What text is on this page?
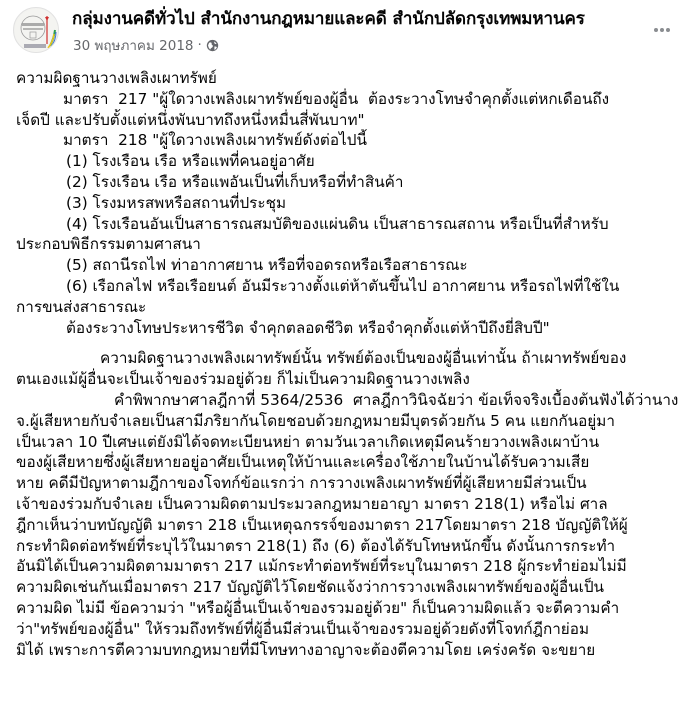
กลุ่มงานคดีทั่วไป สำนักงานกฎหมายและคดี สำนักปลัดกรุงเทพมหานคร
30 พฤษภาคม 2018 ·

ความผิดฐานวางเพลิงเผาทรัพย์

มาตรา  217 "ผู้ใดวางเพลิงเผาทรัพย์ของผู้อื่น  ต้องระวางโทษจำคุกตั้งแต่หกเดือนถึง

เจ็ดปี และปรับตั้งแต่หนึ่งพันบาทถึงหนึ่งหมื่นสี่พันบาท"

มาตรา  218 "ผู้ใดวางเพลิงเผาทรัพย์ดังต่อไปนี้

(1) โรงเรือน เรือ หรือแพที่คนอยู่อาศัย

(2) โรงเรือน เรือ หรือแพอันเป็นที่เก็บหรือที่ทำสินค้า

(3) โรงมหรสพหรือสถานที่ประชุม

(4) โรงเรือนอันเป็นสาธารณสมบัติของแผ่นดิน เป็นสาธารณสถาน หรือเป็นที่สำหรับ

ประกอบพิธีกรรมตามศาสนา

(5) สถานีรถไฟ ท่าอากาศยาน หรือที่จอดรถหรือเรือสาธารณะ

(6) เรือกลไฟ หรือเรือยนต์ อันมีระวางตั้งแต่ห้าตันขึ้นไป อากาศยาน หรือรถไฟที่ใช้ใน

การขนส่งสาธารณะ

ต้องระวางโทษประหารชีวิต จำคุกตลอดชีวิต หรือจำคุกตั้งแต่ห้าปีถึงยี่สิบปี"

ความผิดฐานวางเพลิงเผาทรัพย์นั้น ทรัพย์ต้องเป็นของผู้อื่นเท่านั้น ถ้าเผาทรัพย์ของ

ตนเองแม้ผู้อื่นจะเป็นเจ้าของร่วมอยู่ด้วย ก็ไม่เป็นความผิดฐานวางเพลิง

คำพิพากษาศาลฎีกาที่ 5364/2536  ศาลฎีกาวินิจฉัยว่า ข้อเท็จจริงเบื้องต้นฟังได้ว่านาง

จ.ผู้เสียหายกับจำเลยเป็นสามีภริยากันโดยชอบด้วยกฎหมายมีบุตรด้วยกัน 5 คน แยกกันอยู่มา

เป็นเวลา 10 ปีเศษแต่ยังมิได้จดทะเบียนหย่า ตามวันเวลาเกิดเหตุมีคนร้ายวางเพลิงเผาบ้าน

ของผู้เสียหายซึ่งผู้เสียหายอยู่อาศัยเป็นเหตุให้บ้านและเครื่องใช้ภายในบ้านได้รับความเสีย

หาย คดีมีปัญหาตามฎีกาของโจทก์ข้อแรกว่า การวางเพลิงเผาทรัพย์ที่ผู้เสียหายมีส่วนเป็น

เจ้าของร่วมกับจำเลย เป็นความผิดตามประมวลกฎหมายอาญา มาตรา 218(1) หรือไม่ ศาล

ฎีกาเห็นว่าบทบัญญัติ มาตรา 218 เป็นเหตุฉกรรจ์ของมาตรา 217โดยมาตรา 218 บัญญัติให้ผู้

กระทำผิดต่อทรัพย์ที่ระบุไว้ในมาตรา 218(1) ถึง (6) ต้องได้รับโทษหนักขึ้น ดังนั้นการกระทำ

อันมิได้เป็นความผิดตามมาตรา 217 แม้กระทำต่อทรัพย์ที่ระบุในมาตรา 218 ผู้กระทำย่อมไม่มี

ความผิดเช่นกันเมื่อมาตรา 217 บัญญัติไว้โดยชัดแจ้งว่าการวางเพลิงเผาทรัพย์ของผู้อื่นเป็น

ความผิด ไม่มี ข้อความว่า "หรือผู้อื่นเป็นเจ้าของรวมอยู่ด้วย" ก็เป็นความผิดแล้ว จะตีความคำ

ว่า"ทรัพย์ของผู้อื่น" ให้รวมถึงทรัพย์ที่ผู้อื่นมีส่วนเป็นเจ้าของรวมอยู่ด้วยดังที่โจทก์ฎีกาย่อม

มิได้ เพราะการตีความบทกฎหมายที่มีโทษทางอาญาจะต้องตีความโดย เคร่งครัด จะขยาย
